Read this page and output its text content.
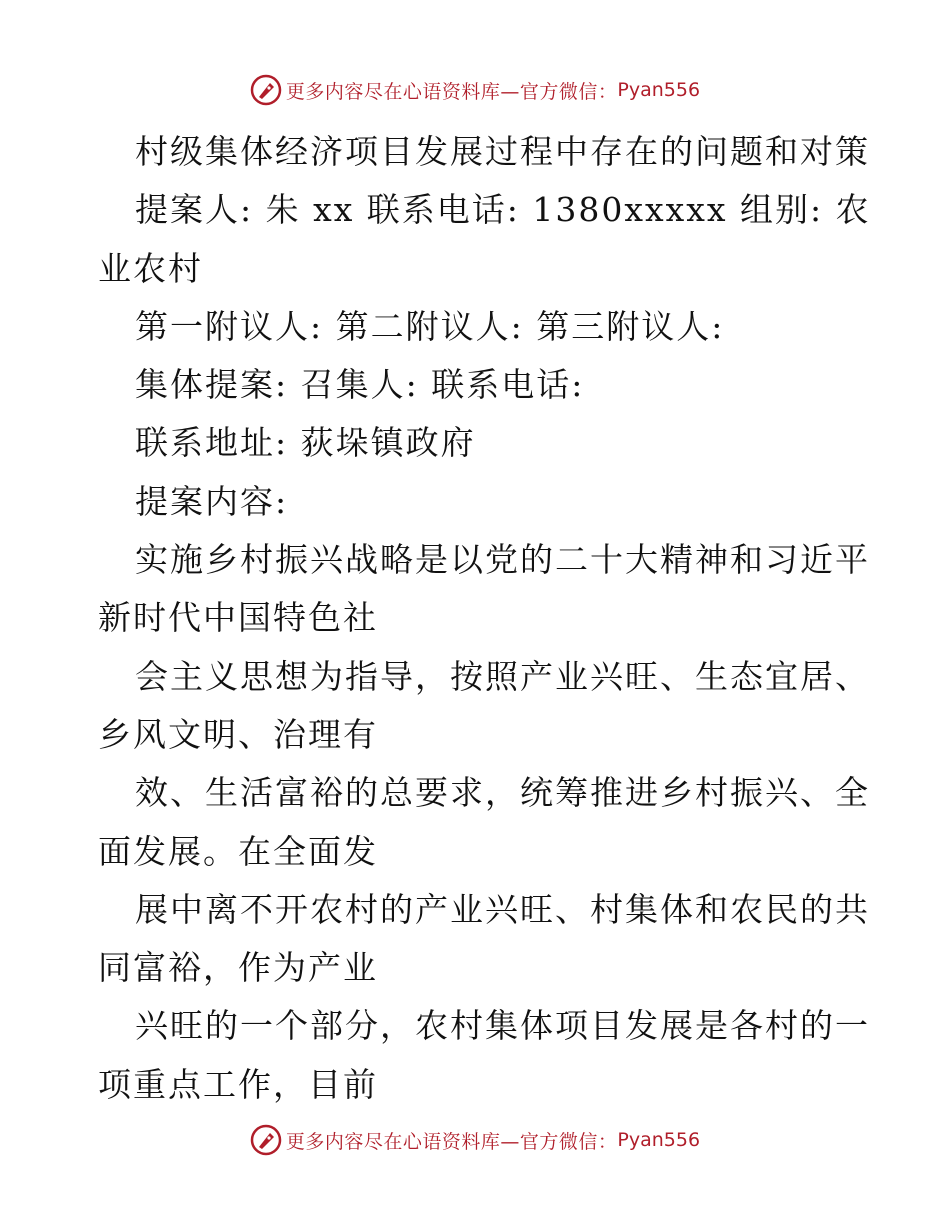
更多内容尽在心语资料库—官方微信： Pyan556
村级集体经济项目发展过程中存在的问题和对策
提案人: 朱 xx 联系电话: 1380xxxxx 组别: 农
业农村
第一附议人: 第二附议人: 第三附议人:
集体提案: 召集人: 联系电话:
联系地址: 荻垛镇政府
提案内容:
实施乡村振兴战略是以党的二十大精神和习近平
新时代中国特色社
会主义思想为指导，按照产业兴旺、生态宜居、
乡风文明、治理有
效、生活富裕的总要求，统筹推进乡村振兴、全
面发展。在全面发
展中离不开农村的产业兴旺、村集体和农民的共
同富裕，作为产业
兴旺的一个部分，农村集体项目发展是各村的一
项重点工作，目前
更多内容尽在心语资料库—官方微信： Pyan556
